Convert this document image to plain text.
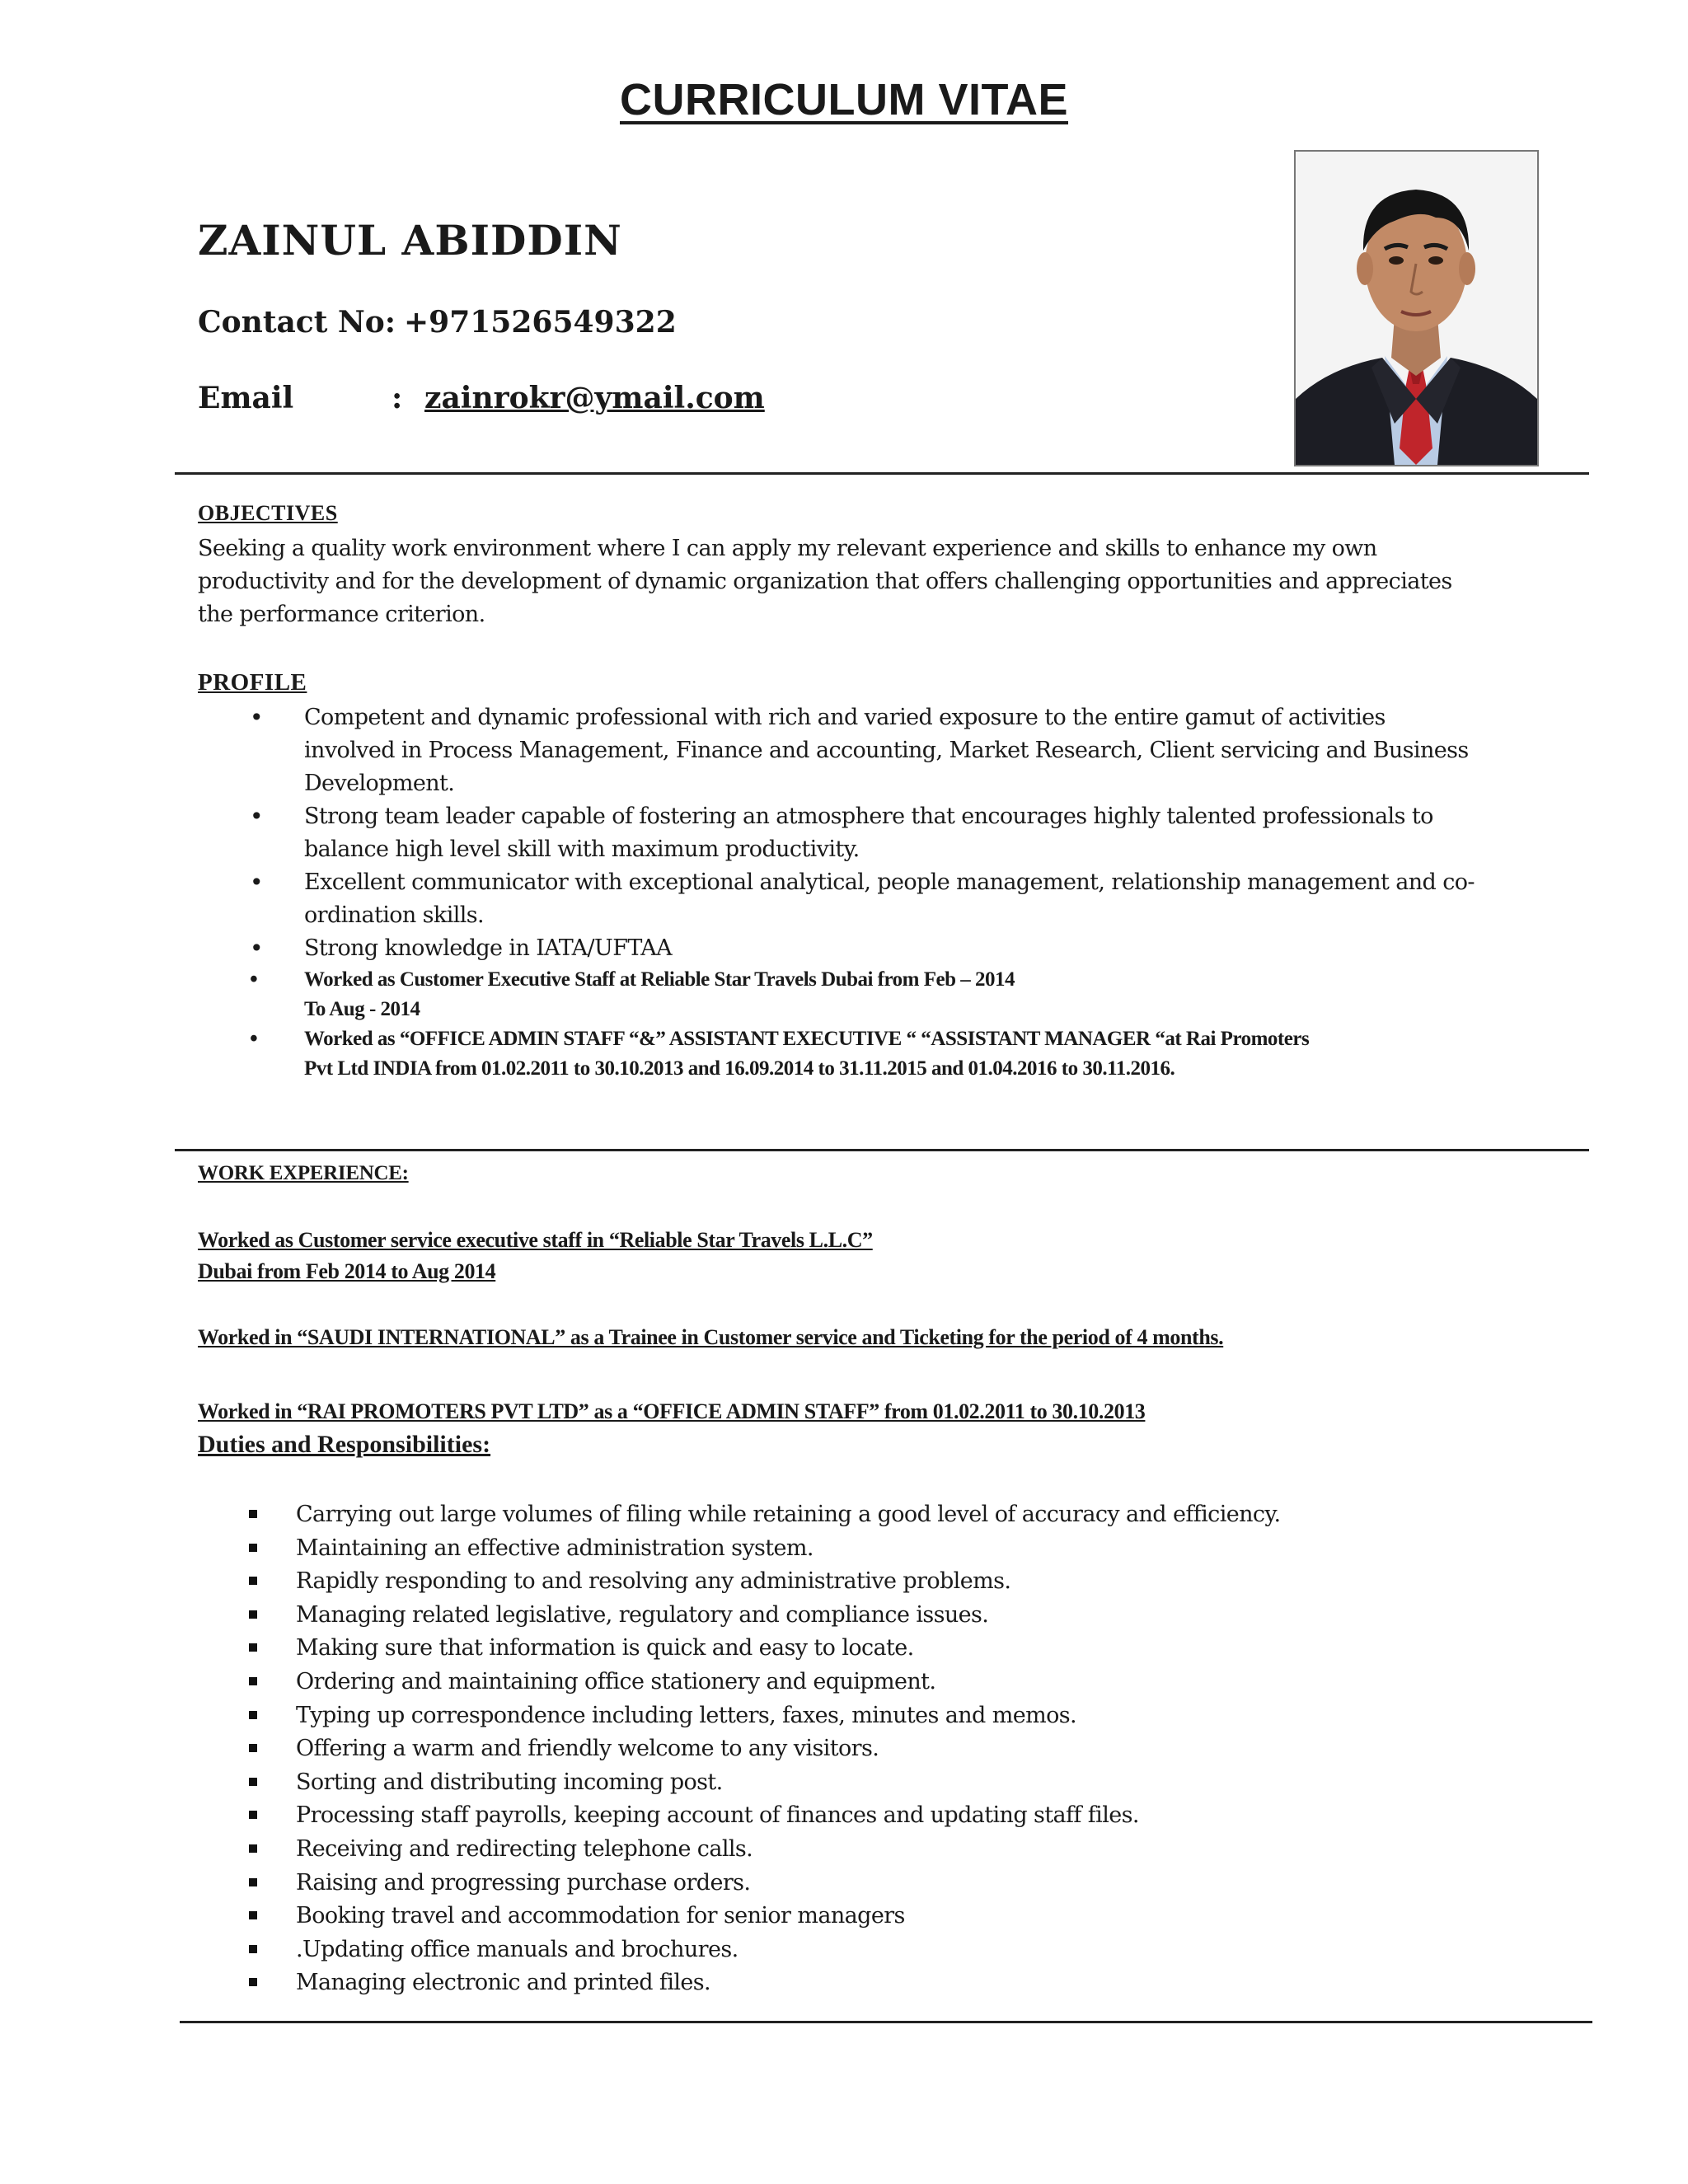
CURRICULUM VITAE
ZAINUL ABIDDIN
Contact No: +971526549322
Email	: zainrokr@ymail.com
OBJECTIVES
Seeking a quality work environment where I can apply my relevant experience and skills to enhance my own
productivity and for the development of dynamic organization that offers challenging opportunities and appreciates
the performance criterion.
PROFILE
• Competent and dynamic professional with rich and varied exposure to the entire gamut of activities
involved in Process Management, Finance and accounting, Market Research, Client servicing and Business
Development.
• Strong team leader capable of fostering an atmosphere that encourages highly talented professionals to
balance high level skill with maximum productivity.
• Excellent communicator with exceptional analytical, people management, relationship management and co-
ordination skills.
• Strong knowledge in IATA/UFTAA
• Worked as Customer Executive Staff at Reliable Star Travels Dubai from Feb – 2014
To Aug - 2014
• Worked as “OFFICE ADMIN STAFF “&” ASSISTANT EXECUTIVE “ “ASSISTANT MANAGER “at Rai Promoters
Pvt Ltd INDIA from 01.02.2011 to 30.10.2013 and 16.09.2014 to 31.11.2015 and 01.04.2016 to 30.11.2016.
WORK EXPERIENCE:
Worked as Customer service executive staff in “Reliable Star Travels L.L.C”
Dubai from Feb 2014 to Aug 2014
Worked in “SAUDI INTERNATIONAL” as a Trainee in Customer service and Ticketing for the period of 4 months.
Worked in “RAI PROMOTERS PVT LTD” as a “OFFICE ADMIN STAFF” from 01.02.2011 to 30.10.2013
Duties and Responsibilities:
Carrying out large volumes of filing while retaining a good level of accuracy and efficiency.
Maintaining an effective administration system.
Rapidly responding to and resolving any administrative problems.
Managing related legislative, regulatory and compliance issues.
Making sure that information is quick and easy to locate.
Ordering and maintaining office stationery and equipment.
Typing up correspondence including letters, faxes, minutes and memos.
Offering a warm and friendly welcome to any visitors.
Sorting and distributing incoming post.
Processing staff payrolls, keeping account of finances and updating staff files.
Receiving and redirecting telephone calls.
Raising and progressing purchase orders.
Booking travel and accommodation for senior managers
.Updating office manuals and brochures.
Managing electronic and printed files.
